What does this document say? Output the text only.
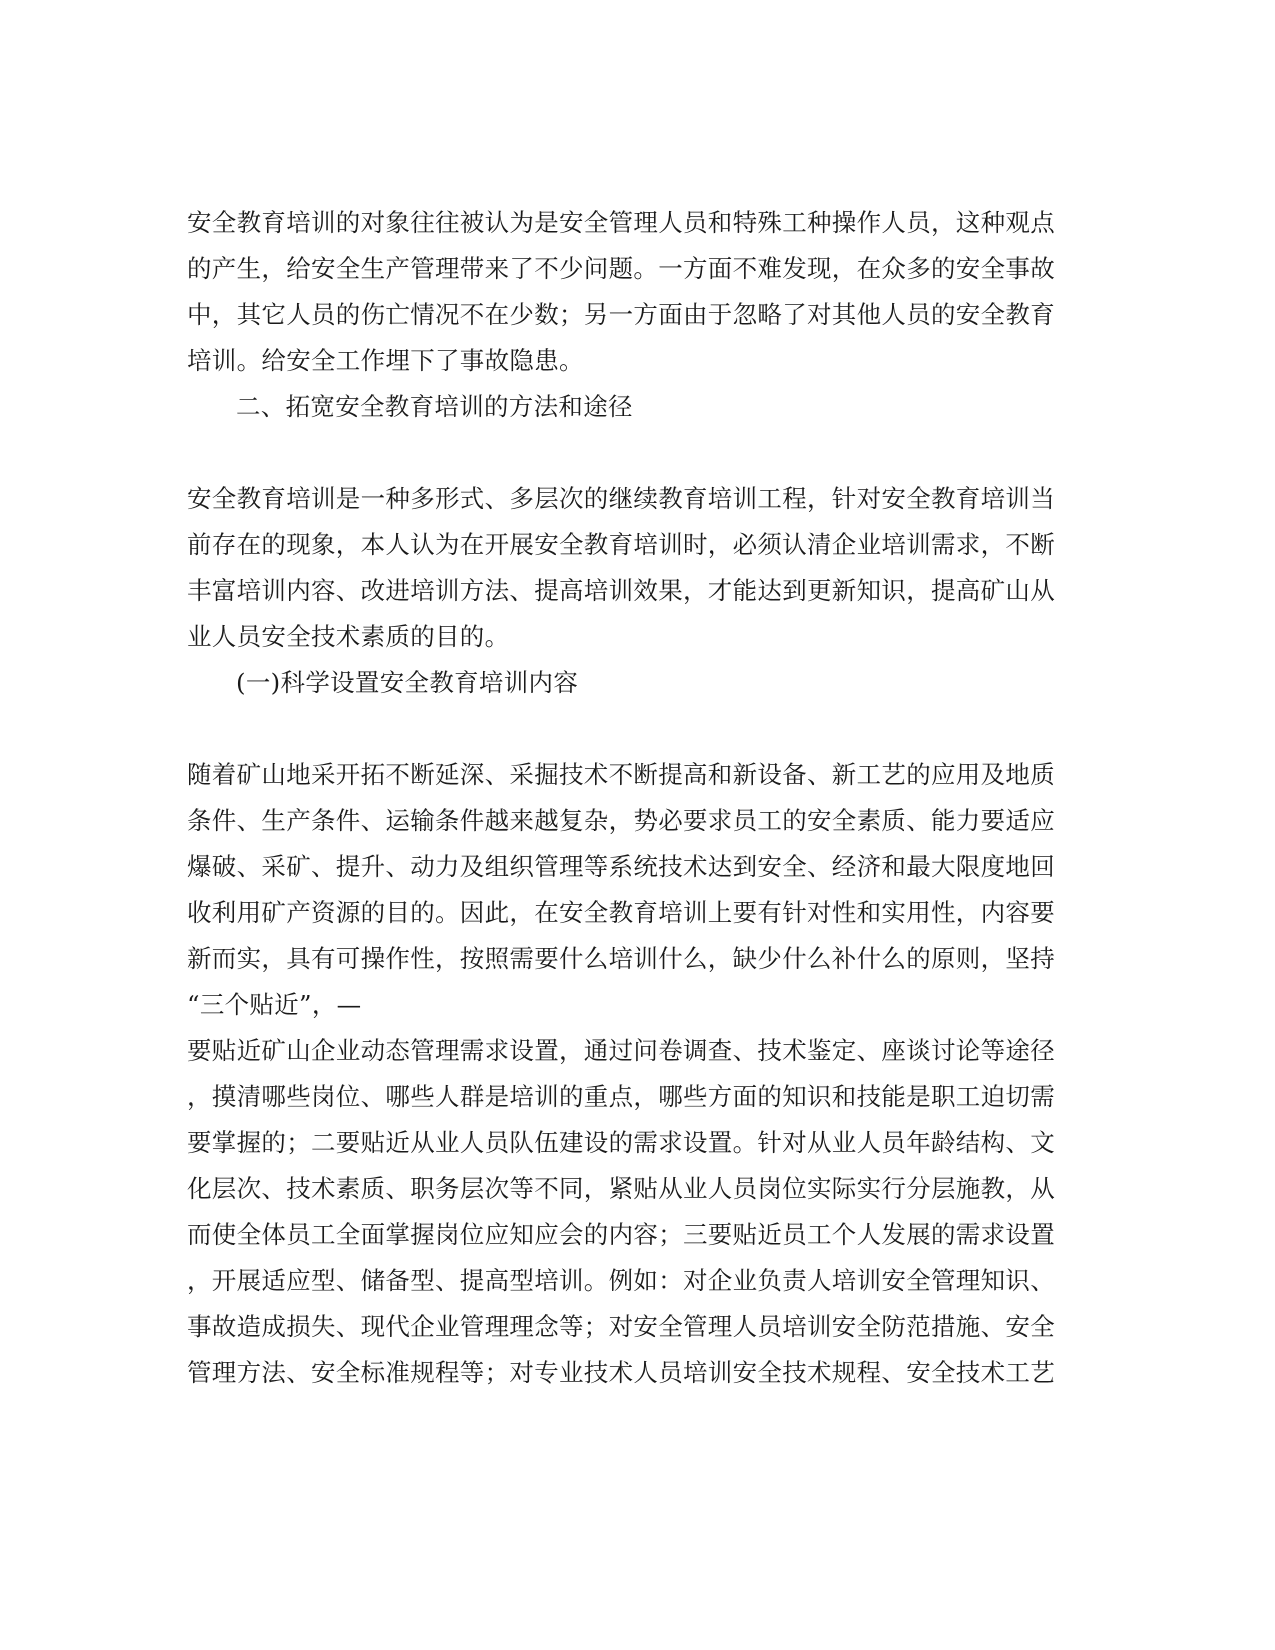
安全教育培训的对象往往被认为是安全管理人员和特殊工种操作人员，这种观点
的产生，给安全生产管理带来了不少问题。一方面不难发现，在众多的安全事故
中，其它人员的伤亡情况不在少数；另一方面由于忽略了对其他人员的安全教育
培训。给安全工作埋下了事故隐患。
二、拓宽安全教育培训的方法和途径
安全教育培训是一种多形式、多层次的继续教育培训工程，针对安全教育培训当
前存在的现象，本人认为在开展安全教育培训时，必须认清企业培训需求，不断
丰富培训内容、改进培训方法、提高培训效果，才能达到更新知识，提高矿山从
业人员安全技术素质的目的。
(一)科学设置安全教育培训内容
随着矿山地采开拓不断延深、采掘技术不断提高和新设备、新工艺的应用及地质
条件、生产条件、运输条件越来越复杂，势必要求员工的安全素质、能力要适应
爆破、采矿、提升、动力及组织管理等系统技术达到安全、经济和最大限度地回
收利用矿产资源的目的。因此，在安全教育培训上要有针对性和实用性，内容要
新而实，具有可操作性，按照需要什么培训什么，缺少什么补什么的原则，坚持
“三个贴近”，—
要贴近矿山企业动态管理需求设置，通过问卷调查、技术鉴定、座谈讨论等途径
，摸清哪些岗位、哪些人群是培训的重点，哪些方面的知识和技能是职工迫切需
要掌握的；二要贴近从业人员队伍建设的需求设置。针对从业人员年龄结构、文
化层次、技术素质、职务层次等不同，紧贴从业人员岗位实际实行分层施教，从
而使全体员工全面掌握岗位应知应会的内容；三要贴近员工个人发展的需求设置
，开展适应型、储备型、提高型培训。例如：对企业负责人培训安全管理知识、
事故造成损失、现代企业管理理念等；对安全管理人员培训安全防范措施、安全
管理方法、安全标准规程等；对专业技术人员培训安全技术规程、安全技术工艺
